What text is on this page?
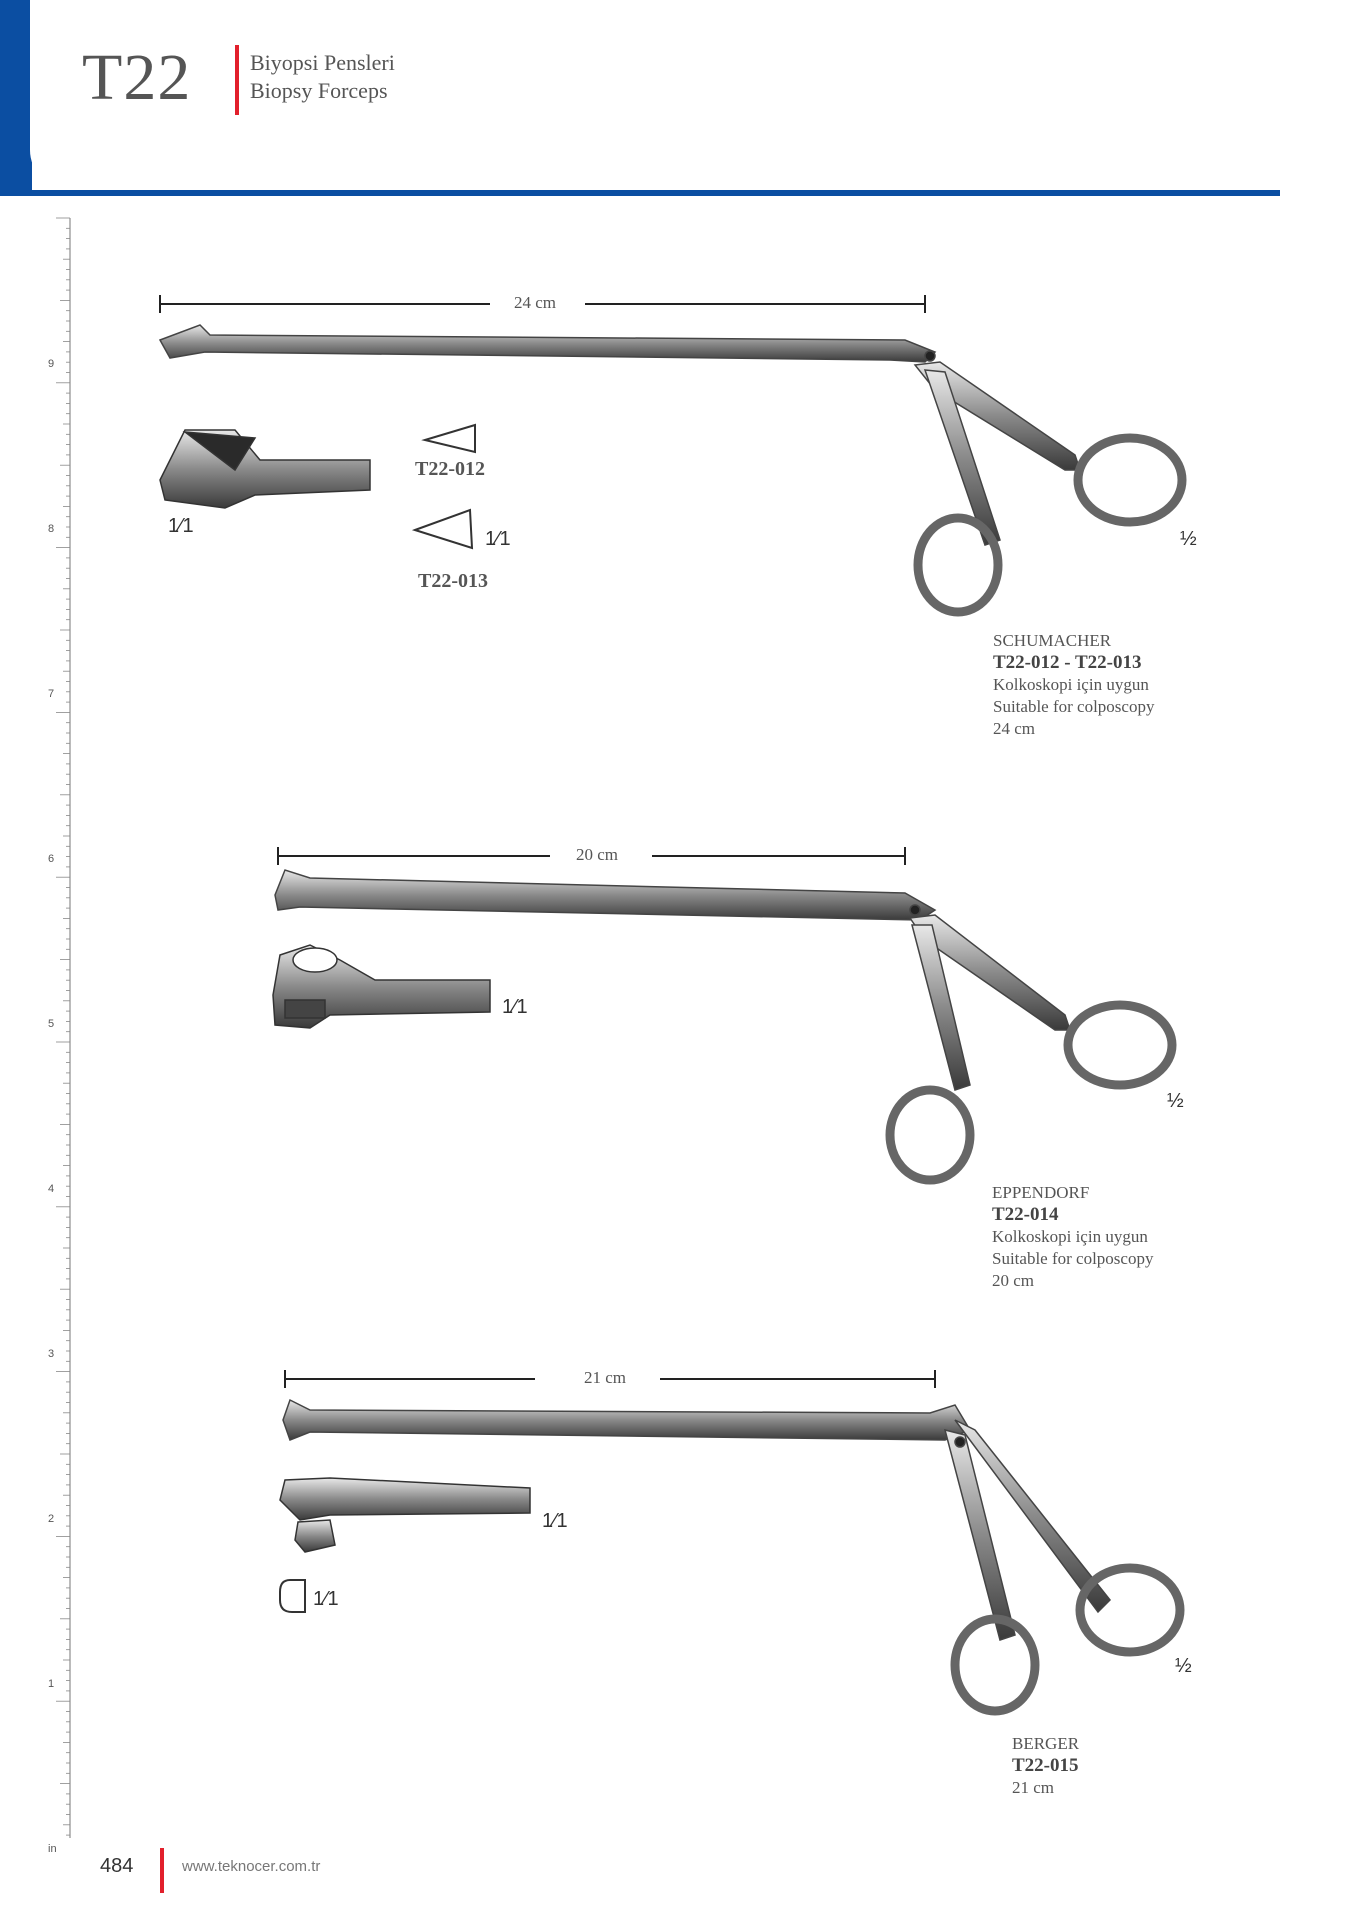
T22	Biyopsi Pensleri
Biopsy Forceps
9
8
7
6
5
4
3
2
1
in
24 cm
½
1⁄1
T22-012
1⁄1
T22-013
SCHUMACHER
T22-012 - T22-013
Kolkoskopi için uygun
Suitable for colposcopy
24 cm
20 cm
½
1⁄1
EPPENDORF
T22-014
Kolkoskopi için uygun
Suitable for colposcopy
20 cm
21 cm
½
1⁄1
1⁄1
BERGER
T22-015
21 cm
484	www.teknocer.com.tr
